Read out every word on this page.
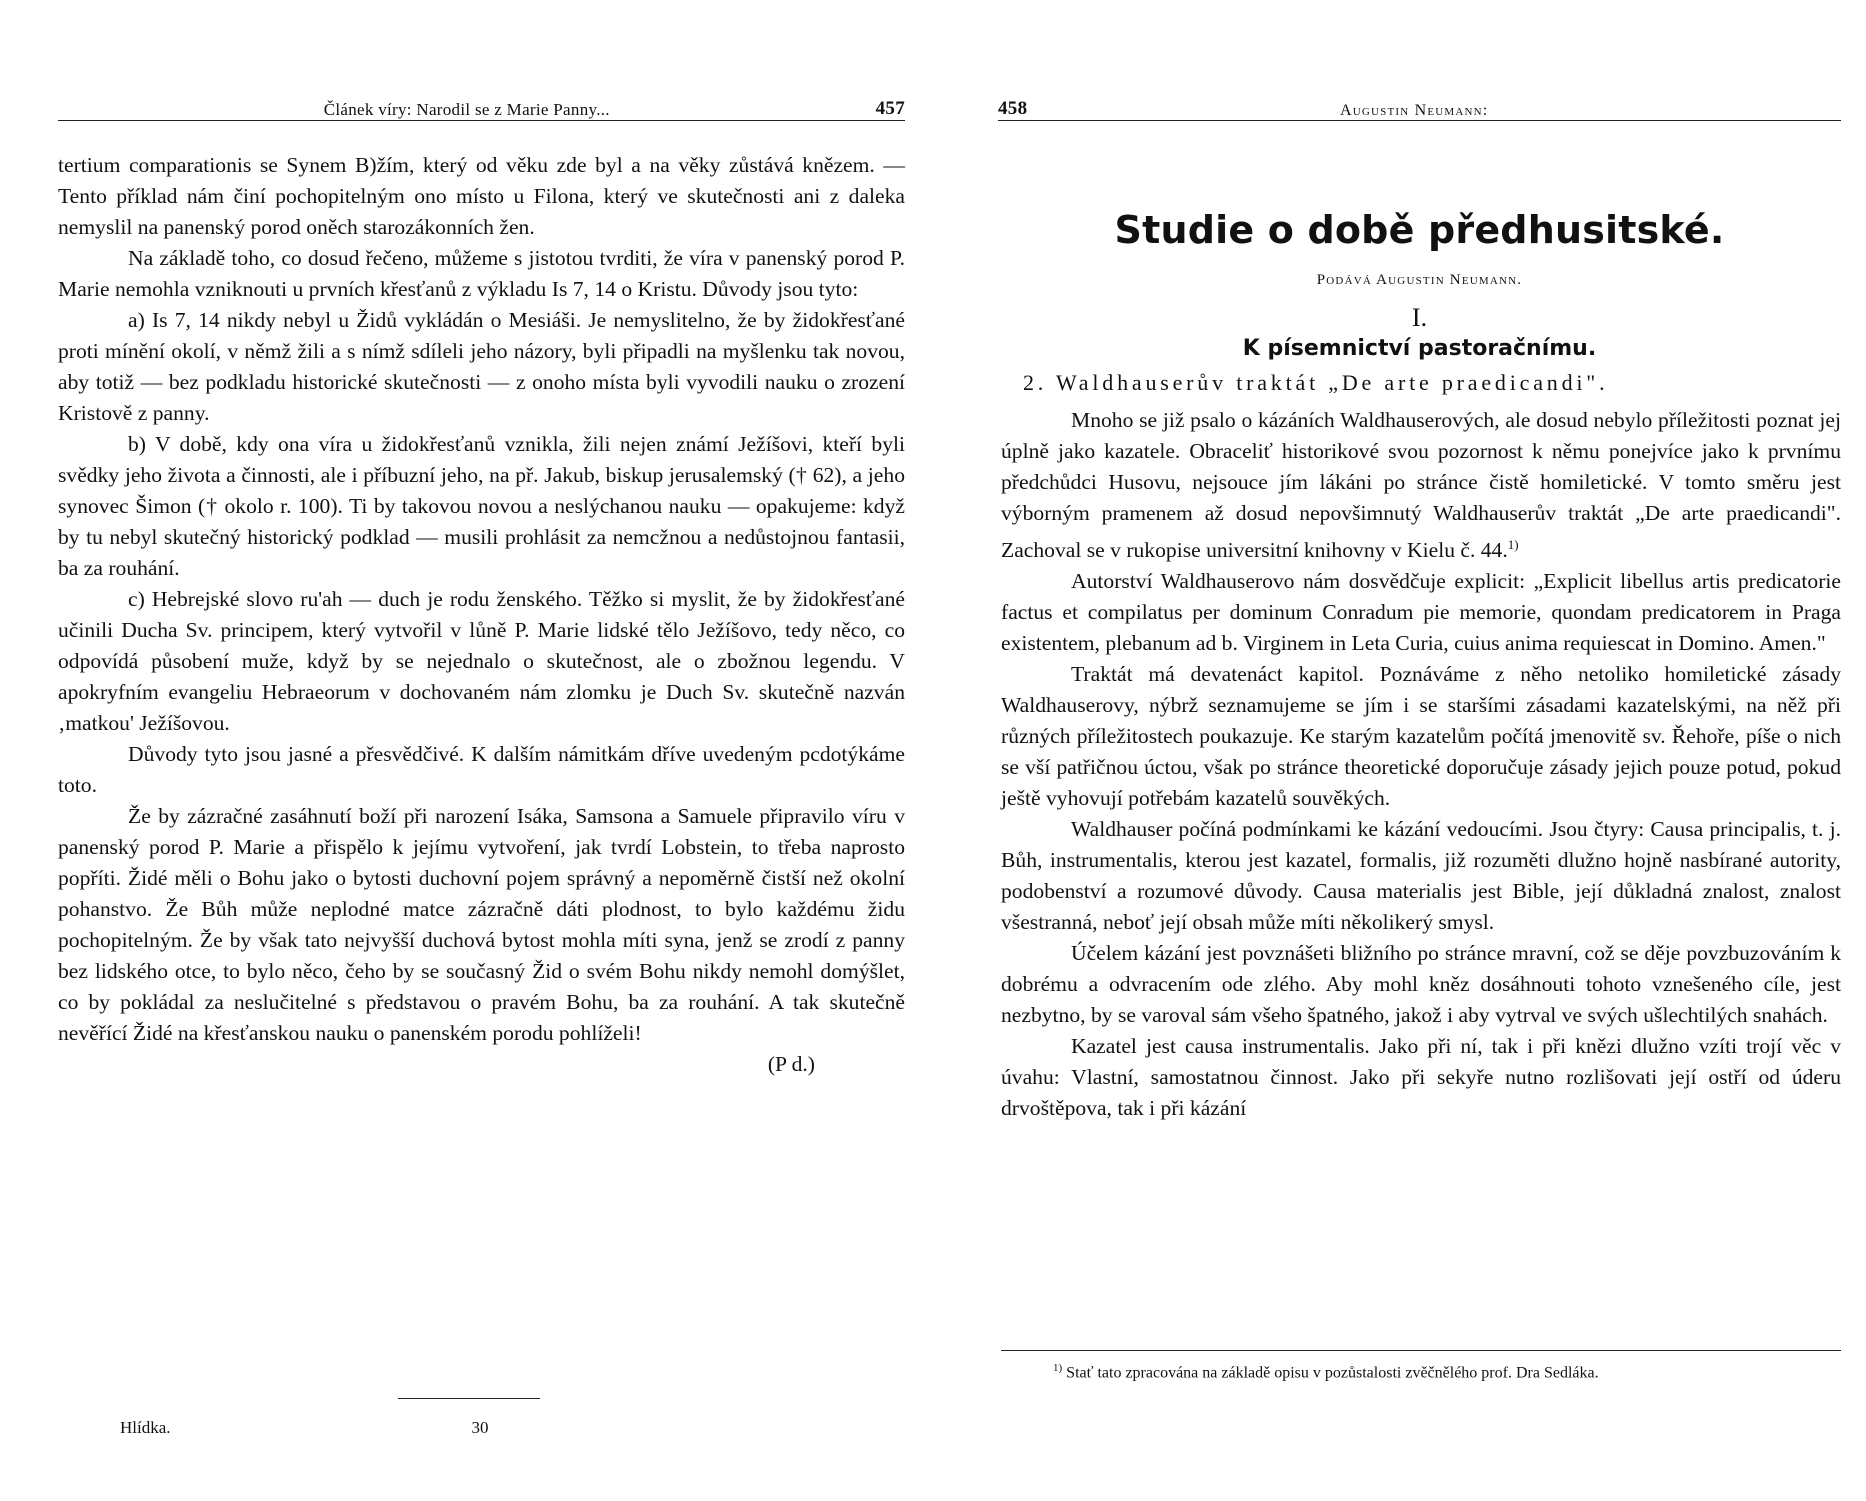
Článek víry: Narodil se z Marie Panny...	457

tertium comparationis se Synem B)žím, který od věku zde byl a na věky zůstává knězem. — Tento příklad nám činí pochopitelným ono místo u Filona, který ve skutečnosti ani z daleka nemyslil na panenský porod oněch starozákonních žen.

Na základě toho, co dosud řečeno, můžeme s jistotou tvrditi, že víra v panenský porod P. Marie nemohla vzniknouti u prvních křesťanů z výkladu Is 7, 14 o Kristu. Důvody jsou tyto:

a) Is 7, 14 nikdy nebyl u Židů vykládán o Mesiáši. Je nemyslitelno, že by židokřesťané proti mínění okolí, v němž žili a s nímž sdíleli jeho názory, byli připadli na myšlenku tak novou, aby totiž — bez podkladu historické skutečnosti — z onoho místa byli vyvodili nauku o zrození Kristově z panny.

b) V době, kdy ona víra u židokřesťanů vznikla, žili nejen známí Ježíšovi, kteří byli svědky jeho života a činnosti, ale i příbuzní jeho, na př. Jakub, biskup jerusalemský († 62), a jeho synovec Šimon († okolo r. 100). Ti by takovou novou a neslýchanou nauku — opakujeme: když by tu nebyl skutečný historický podklad — musili prohlásit za nemcžnou a nedůstojnou fantasii, ba za rouhání.

c) Hebrejské slovo ru'ah — duch je rodu ženského. Těžko si myslit, že by židokřesťané učinili Ducha Sv. principem, který vytvořil v lůně P. Marie lidské tělo Ježíšovo, tedy něco, co odpovídá působení muže, když by se nejednalo o skutečnost, ale o zbožnou legendu. V apokryfním evangeliu Hebraeorum v dochovaném nám zlomku je Duch Sv. skutečně nazván ‚matkou' Ježíšovou.

Důvody tyto jsou jasné a přesvědčivé. K dalším námitkám dříve uvedeným pcdotýkáme toto.

Že by zázračné zasáhnutí boží při narození Isáka, Samsona a Samuele připravilo víru v panenský porod P. Marie a přispělo k jejímu vytvoření, jak tvrdí Lobstein, to třeba naprosto popříti. Židé měli o Bohu jako o bytosti duchovní pojem správný a nepoměrně čistší než okolní pohanstvo. Že Bůh může neplodné matce zázračně dáti plodnost, to bylo každému židu pochopitelným. Že by však tato nejvyšší duchová bytost mohla míti syna, jenž se zrodí z panny bez lidského otce, to bylo něco, čeho by se současný Žid o svém Bohu nikdy nemohl domýšlet, co by pokládal za neslučitelné s představou o pravém Bohu, ba za rouhání. A tak skutečně nevěřící Židé na křesťanskou nauku o panenském porodu pohlíželi!

(P d.)
Hlídka.	30
458	Augustin Neumann:
Studie o době předhusitské.
Podává Augustin Neumann.
I.
K písemnictví pastoračnímu.
2. Waldhauserův traktát „De arte praedicandi".

Mnoho se již psalo o kázáních Waldhauserových, ale dosud nebylo příležitosti poznat jej úplně jako kazatele. Obraceliť historikové svou pozornost k němu ponejvíce jako k prvnímu předchůdci Husovu, nejsouce jím lákáni po stránce čistě homiletické. V tomto směru jest výborným pramenem až dosud nepovšimnutý Waldhauserův traktát „De arte praedicandi". Zachoval se v rukopise universitní knihovny v Kielu č. 44.$^{1)}$

Autorství Waldhauserovo nám dosvědčuje explicit: „Explicit libellus artis predicatorie factus et compilatus per dominum Conradum pie memorie, quondam predicatorem in Praga existentem, plebanum ad b. Virginem in Leta Curia, cuius anima requiescat in Domino. Amen."

Traktát má devatenáct kapitol. Poznáváme z něho netoliko homiletické zásady Waldhauserovy, nýbrž seznamujeme se jím i se staršími zásadami kazatelskými, na něž při různých příležitostech poukazuje. Ke starým kazatelům počítá jmenovitě sv. Řehoře, píše o nich se vší patřičnou úctou, však po stránce theoretické doporučuje zásady jejich pouze potud, pokud ještě vyhovují potřebám kazatelů souvěkých.

Waldhauser počíná podmínkami ke kázání vedoucími. Jsou čtyry: Causa principalis, t. j. Bůh, instrumentalis, kterou jest kazatel, formalis, již rozuměti dlužno hojně nasbírané autority, podobenství a rozumové důvody. Causa materialis jest Bible, její důkladná znalost, znalost všestranná, neboť její obsah může míti několikerý smysl.

Účelem kázání jest povznášeti bližního po stránce mravní, což se děje povzbuzováním k dobrému a odvracením ode zlého. Aby mohl kněz dosáhnouti tohoto vznešeného cíle, jest nezbytno, by se varoval sám všeho špatného, jakož i aby vytrval ve svých ušlechtilých snahách.

Kazatel jest causa instrumentalis. Jako při ní, tak i při knězi dlužno vzíti trojí věc v úvahu: Vlastní, samostatnou činnost. Jako při sekyře nutno rozlišovati její ostří od úderu drvoštěpova, tak i při kázání

$^{1)}$ Stať tato zpracována na základě opisu v pozůstalosti zvěčnělého prof. Dra Sedláka.
